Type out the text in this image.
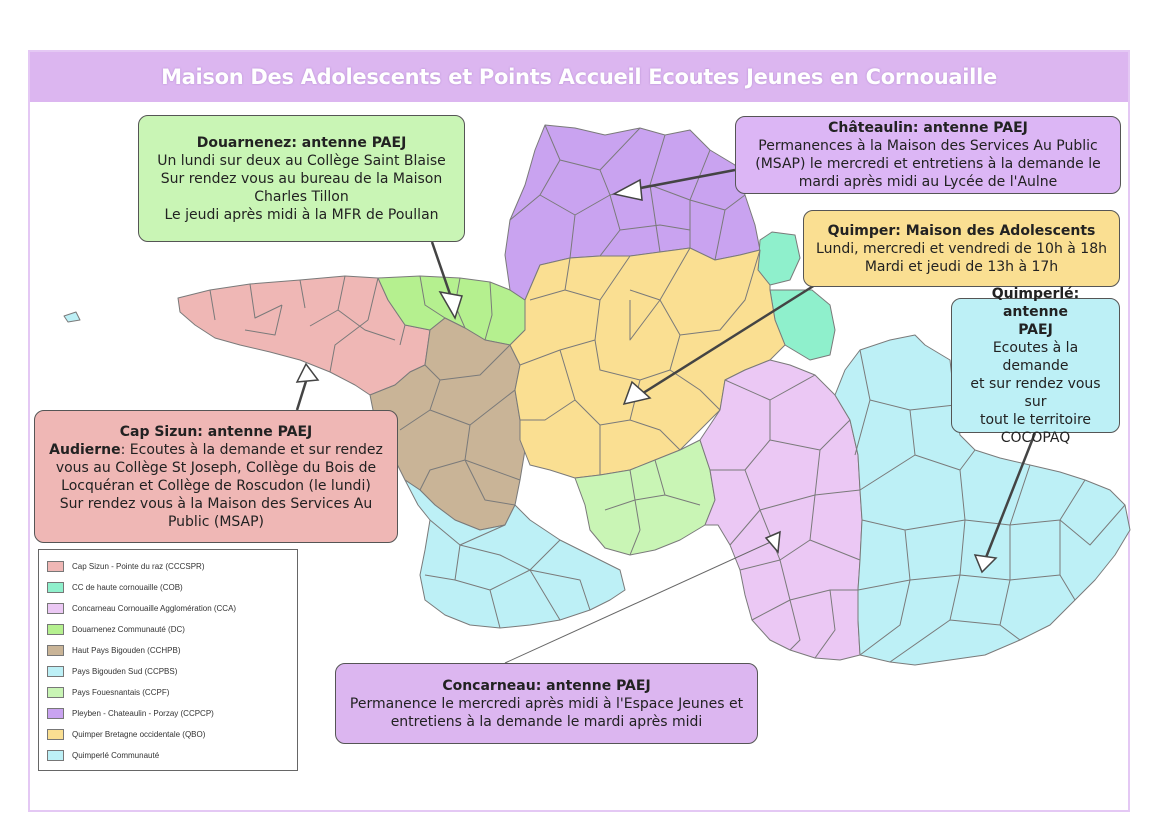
Maison Des Adolescents et Points Accueil Ecoutes Jeunes en Cornouaille
Douarnenez: antenne PAEJ
Un lundi sur deux au Collège Saint Blaise
Sur rendez vous au bureau de la Maison
Charles Tillon
Le jeudi après midi à la MFR de Poullan
Châteaulin: antenne PAEJ
Permanences à la Maison des Services Au Public
(MSAP) le mercredi et entretiens à la demande le
mardi après midi au Lycée de l'Aulne
Quimper: Maison des Adolescents
Lundi, mercredi et vendredi de 10h à 18h
Mardi et jeudi de 13h à 17h
Quimperlé: antenne
PAEJ
Ecoutes à la demande
et sur rendez vous sur
tout le territoire
COCOPAQ
Cap Sizun: antenne PAEJ
Audierne: Ecoutes à la demande et sur rendez
vous au Collège St Joseph, Collège du Bois de
Locquéran et Collège de Roscudon (le lundi)
Sur rendez vous à la Maison des Services Au
Public (MSAP)
Concarneau: antenne PAEJ
Permanence le mercredi après midi à l'Espace Jeunes et
entretiens à la demande le mardi après midi
Cap Sizun - Pointe du raz (CCCSPR)
CC de haute cornouaille (COB)
Concarneau Cornouaille Agglomération (CCA)
Douarnenez Communauté (DC)
Haut Pays Bigouden (CCHPB)
Pays Bigouden Sud (CCPBS)
Pays Fouesnantais (CCPF)
Pleyben - Chateaulin - Porzay (CCPCP)
Quimper Bretagne occidentale (QBO)
Quimperlé Communauté
